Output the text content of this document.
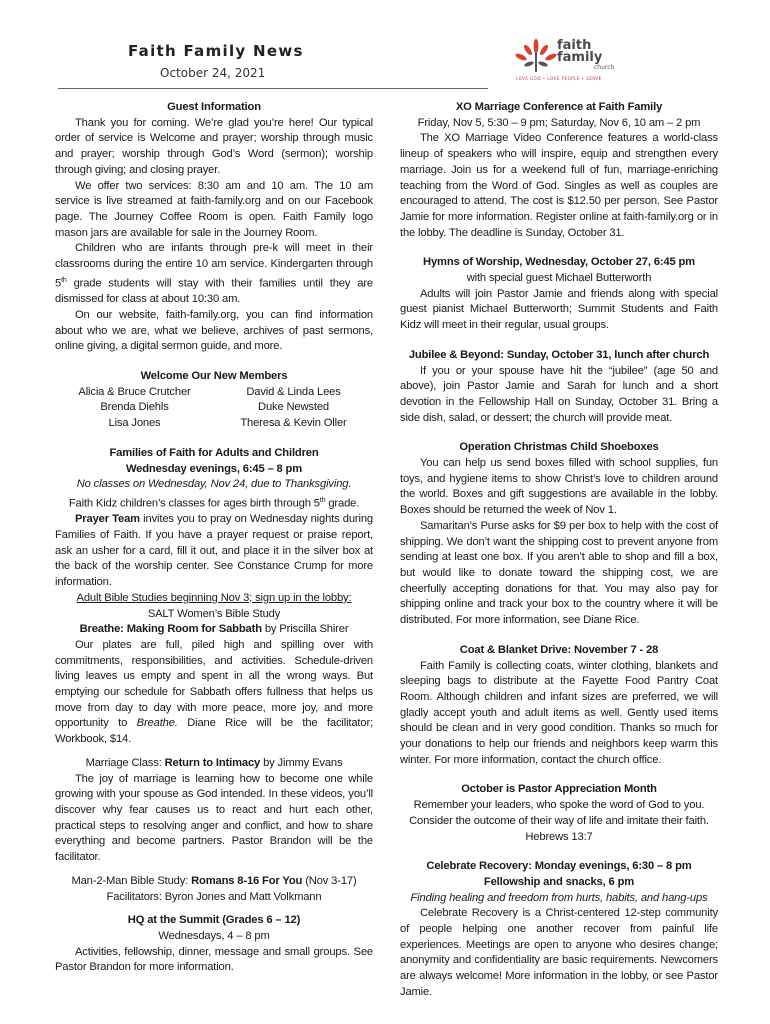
Faith Family News
October 24, 2021
faith
family
church
LOVE GOD • LOVE PEOPLE • SERVE
Guest Information

Thank you for coming. We’re glad you’re here! Our typical order of service is Welcome and prayer; worship through music and prayer; worship through God’s Word (sermon); worship through giving; and closing prayer.

We offer two services: 8:30 am and 10 am. The 10 am service is live streamed at faith-family.org and on our Facebook page. The Journey Coffee Room is open. Faith Family logo mason jars are available for sale in the Journey Room.

Children who are infants through pre-k will meet in their classrooms during the entire 10 am service. Kindergarten through 5th grade students will stay with their families until they are dismissed for class at about 10:30 am.

On our website, faith-family.org, you can find information about who we are, what we believe, archives of past sermons, online giving, a digital sermon guide, and more.

Welcome Our New Members
Alicia & Bruce Crutcher	David & Linda Lees
Brenda Diehls	Duke Newsted
Lisa Jones	Theresa & Kevin Oller
Families of Faith for Adults and Children
Wednesday evenings, 6:45 – 8 pm

No classes on Wednesday, Nov 24, due to Thanksgiving.

Faith Kidz children’s classes for ages birth through 5th grade.

Prayer Team invites you to pray on Wednesday nights during Families of Faith. If you have a prayer request or praise report, ask an usher for a card, fill it out, and place it in the silver box at the back of the worship center. See Constance Crump for more information.

Adult Bible Studies beginning Nov 3; sign up in the lobby:

SALT Women’s Bible Study

Breathe: Making Room for Sabbath by Priscilla Shirer

Our plates are full, piled high and spilling over with commitments, responsibilities, and activities. Schedule-driven living leaves us empty and spent in all the wrong ways. But emptying our schedule for Sabbath offers fullness that helps us move from day to day with more peace, more joy, and more opportunity to Breathe. Diane Rice will be the facilitator; Workbook, $14.

Marriage Class: Return to Intimacy by Jimmy Evans

The joy of marriage is learning how to become one while growing with your spouse as God intended. In these videos, you’ll discover why fear causes us to react and hurt each other, practical steps to resolving anger and conflict, and how to share everything and become partners. Pastor Brandon will be the facilitator.

Man-2-Man Bible Study: Romans 8-16 For You (Nov 3-17)

Facilitators: Byron Jones and Matt Volkmann

HQ at the Summit (Grades 6 – 12)

Wednesdays, 4 – 8 pm

Activities, fellowship, dinner, message and small groups. See Pastor Brandon for more information.

XO Marriage Conference at Faith Family

Friday, Nov 5, 5:30 – 9 pm; Saturday, Nov 6, 10 am – 2 pm

The XO Marriage Video Conference features a world-class lineup of speakers who will inspire, equip and strengthen every marriage. Join us for a weekend full of fun, marriage-enriching teaching from the Word of God. Singles as well as couples are encouraged to attend. The cost is $12.50 per person. See Pastor Jamie for more information. Register online at faith-family.org or in the lobby. The deadline is Sunday, October 31.

Hymns of Worship, Wednesday, October 27, 6:45 pm

with special guest Michael Butterworth

Adults will join Pastor Jamie and friends along with special guest pianist Michael Butterworth; Summit Students and Faith Kidz will meet in their regular, usual groups.

Jubilee & Beyond: Sunday, October 31, lunch after church

If you or your spouse have hit the “jubilee” (age 50 and above), join Pastor Jamie and Sarah for lunch and a short devotion in the Fellowship Hall on Sunday, October 31. Bring a side dish, salad, or dessert; the church will provide meat.

Operation Christmas Child Shoeboxes

You can help us send boxes filled with school supplies, fun toys, and hygiene items to show Christ’s love to children around the world. Boxes and gift suggestions are available in the lobby. Boxes should be returned the week of Nov 1.

Samaritan’s Purse asks for $9 per box to help with the cost of shipping. We don’t want the shipping cost to prevent anyone from sending at least one box. If you aren’t able to shop and fill a box, but would like to donate toward the shipping cost, we are cheerfully accepting donations for that. You may also pay for shipping online and track your box to the country where it will be distributed. For more information, see Diane Rice.

Coat & Blanket Drive: November 7 - 28

Faith Family is collecting coats, winter clothing, blankets and sleeping bags to distribute at the Fayette Food Pantry Coat Room. Although children and infant sizes are preferred, we will gladly accept youth and adult items as well. Gently used items should be clean and in very good condition. Thanks so much for your donations to help our friends and neighbors keep warm this winter. For more information, contact the church office.

October is Pastor Appreciation Month

Remember your leaders, who spoke the word of God to you. Consider the outcome of their way of life and imitate their faith.

Hebrews 13:7

Celebrate Recovery: Monday evenings, 6:30 – 8 pm
Fellowship and snacks, 6 pm

Finding healing and freedom from hurts, habits, and hang-ups

Celebrate Recovery is a Christ-centered 12-step community of people helping one another recover from painful life experiences. Meetings are open to anyone who desires change; anonymity and confidentiality are basic requirements. Newcomers are always welcome! More information in the lobby, or see Pastor Jamie.
